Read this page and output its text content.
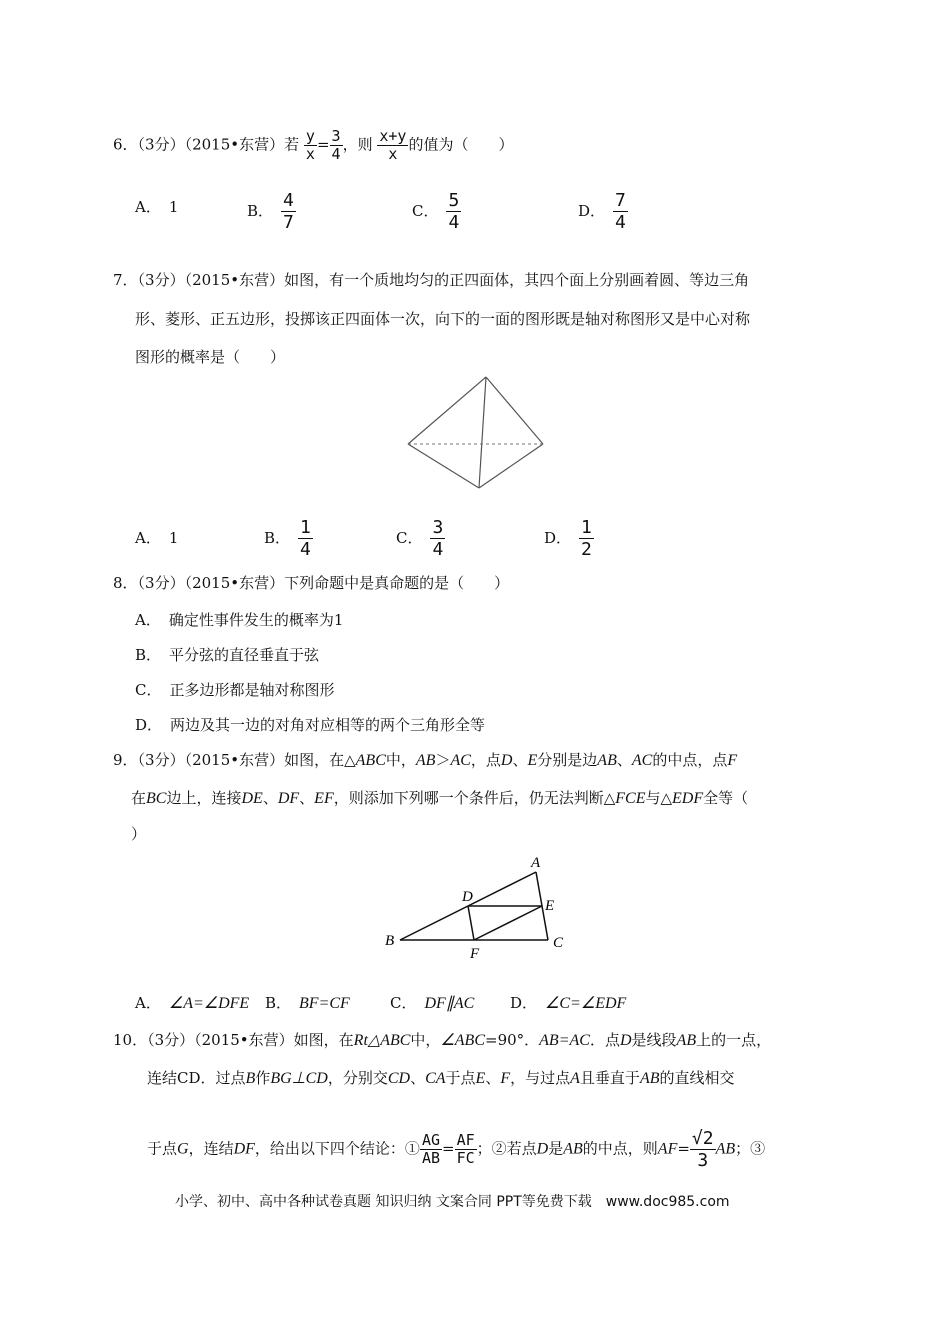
6．（3分）（2015•东营）若 $\frac{y}{x} = \frac{3}{4}$ ，则 $\frac{x+y}{x}$ 的值为（　　）
A． 1	B． $\frac{4}{7}$	C． $\frac{5}{4}$	D． $\frac{7}{4}$
7．（3分）（2015•东营）如图，有一个质地均匀的正四面体，其四个面上分别画着圆、等边三角
形、菱形、正五边形，投掷该正四面体一次，向下的一面的图形既是轴对称图形又是中心对称
图形的概率是（　　）
A． 1	B． $\frac{1}{4}$	C． $\frac{3}{4}$	D． $\frac{1}{2}$
8．（3分）（2015•东营）下列命题中是真命题的是（　　）
A． 确定性事件发生的概率为1
B． 平分弦的直径垂直于弦
C． 正多边形都是轴对称图形
D． 两边及其一边的对角对应相等的两个三角形全等
9．（3分）（2015•东营）如图，在△ABC中，AB＞AC，点D、E分别是边AB、AC的中点，点F
在BC边上，连接DE、DF、EF，则添加下列哪一个条件后，仍无法判断△FCE与△EDF全等（
）
A
B	C
D
E
F
A． ∠A=∠DFE B． BF=CF	C． DF∥AC D． ∠C=∠EDF
10．（3分）（2015•东营）如图，在Rt△ABC中，∠ABC=90°．AB=AC．点D是线段AB上的一点，
连结CD．过点B作BG⊥CD，分别交CD、CA于点E、F，与过点A且垂直于AB的直线相交
于点G，连结DF，给出以下四个结论：① $\frac{AG}{AB} = \frac{AF}{FC}$ ；②若点D是AB的中点，则$AF= \frac{√2}{3}$ AB；③
小学、初中、高中各种试卷真题 知识归纳 文案合同 PPT等免费下载　www.doc985.com
